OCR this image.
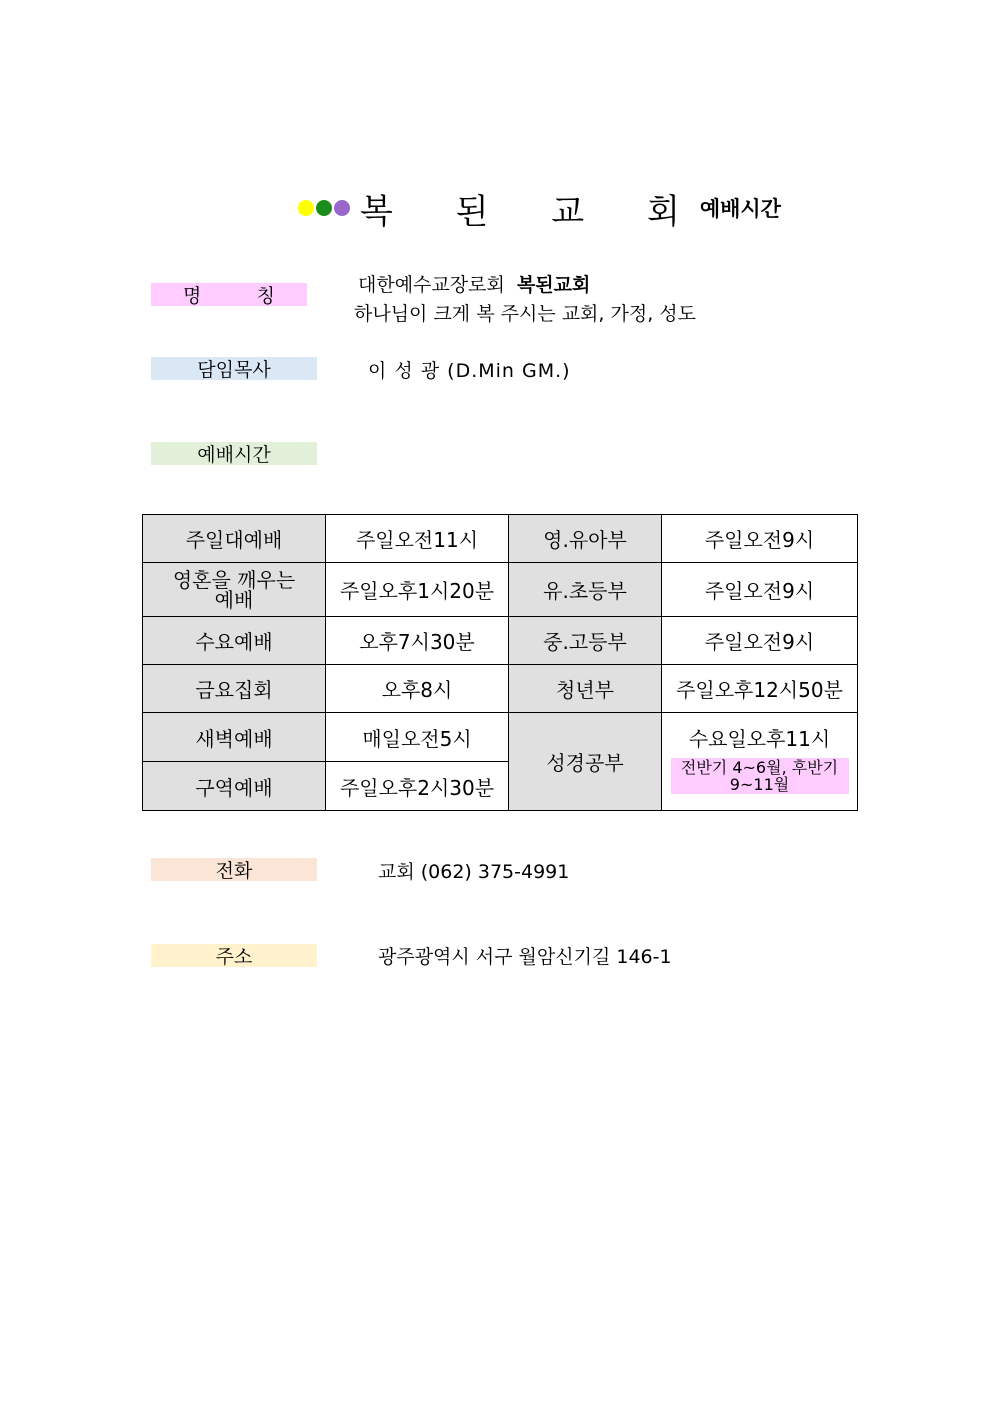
복 된 교 회
예배시간
명	칭	대한예수교장로회 복된교회
하나님이 크게 복 주시는 교회, 가정, 성도
담임목사	이 성 광 (D.Min GM.)
예배시간
주일대예배	주일오전11시	영.유아부	주일오전9시
영혼을 깨우는 예배	주일오후1시20분	유.초등부	주일오전9시
수요예배	오후7시30분	중.고등부	주일오전9시
금요집회	오후8시	청년부	주일오후12시50분
새벽예배	매일오전5시	성경공부	수요일오후11시
전반기 4~6월, 후반기 9~11월

구역예배	주일오후2시30분		
전화	교회 (062) 375-4991
주소	광주광역시 서구 월암신기길 146-1
